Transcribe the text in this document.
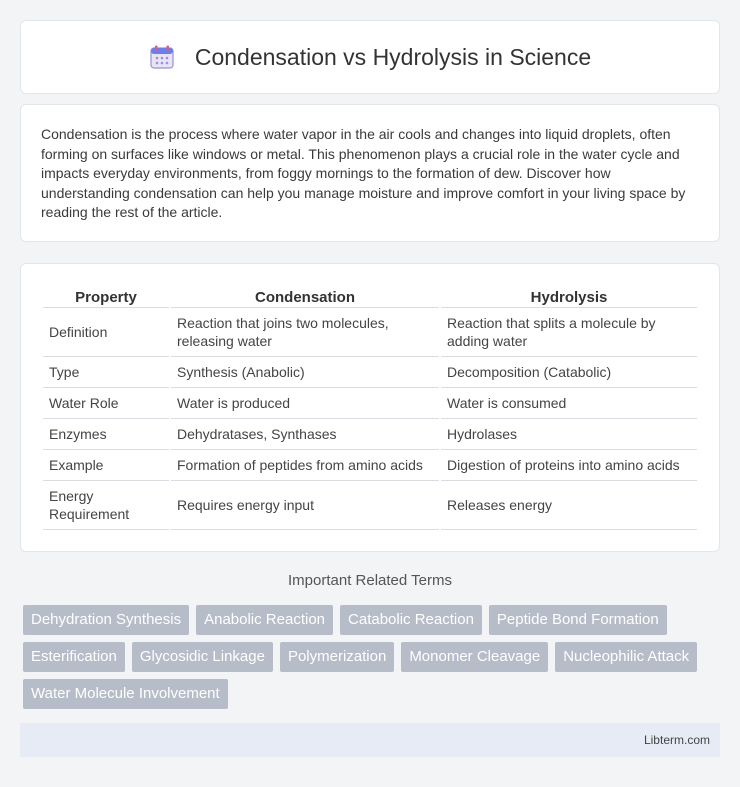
Condensation vs Hydrolysis in Science

Condensation is the process where water vapor in the air cools and changes into liquid droplets, often forming on surfaces like windows or metal. This phenomenon plays a crucial role in the water cycle and impacts everyday environments, from foggy mornings to the formation of dew. Discover how understanding condensation can help you manage moisture and improve comfort in your living space by reading the rest of the article.

Property	Condensation	Hydrolysis
Definition	Reaction that joins two molecules, releasing water	Reaction that splits a molecule by adding water
Type	Synthesis (Anabolic)	Decomposition (Catabolic)
Water Role	Water is produced	Water is consumed
Enzymes	Dehydratases, Synthases	Hydrolases
Example	Formation of peptides from amino acids	Digestion of proteins into amino acids
Energy Requirement	Requires energy input	Releases energy
Important Related Terms
Dehydration Synthesis	Anabolic Reaction	Catabolic Reaction	Peptide Bond Formation
Esterification	Glycosidic Linkage	Polymerization	Monomer Cleavage	Nucleophilic Attack
Water Molecule Involvement
Libterm.com
